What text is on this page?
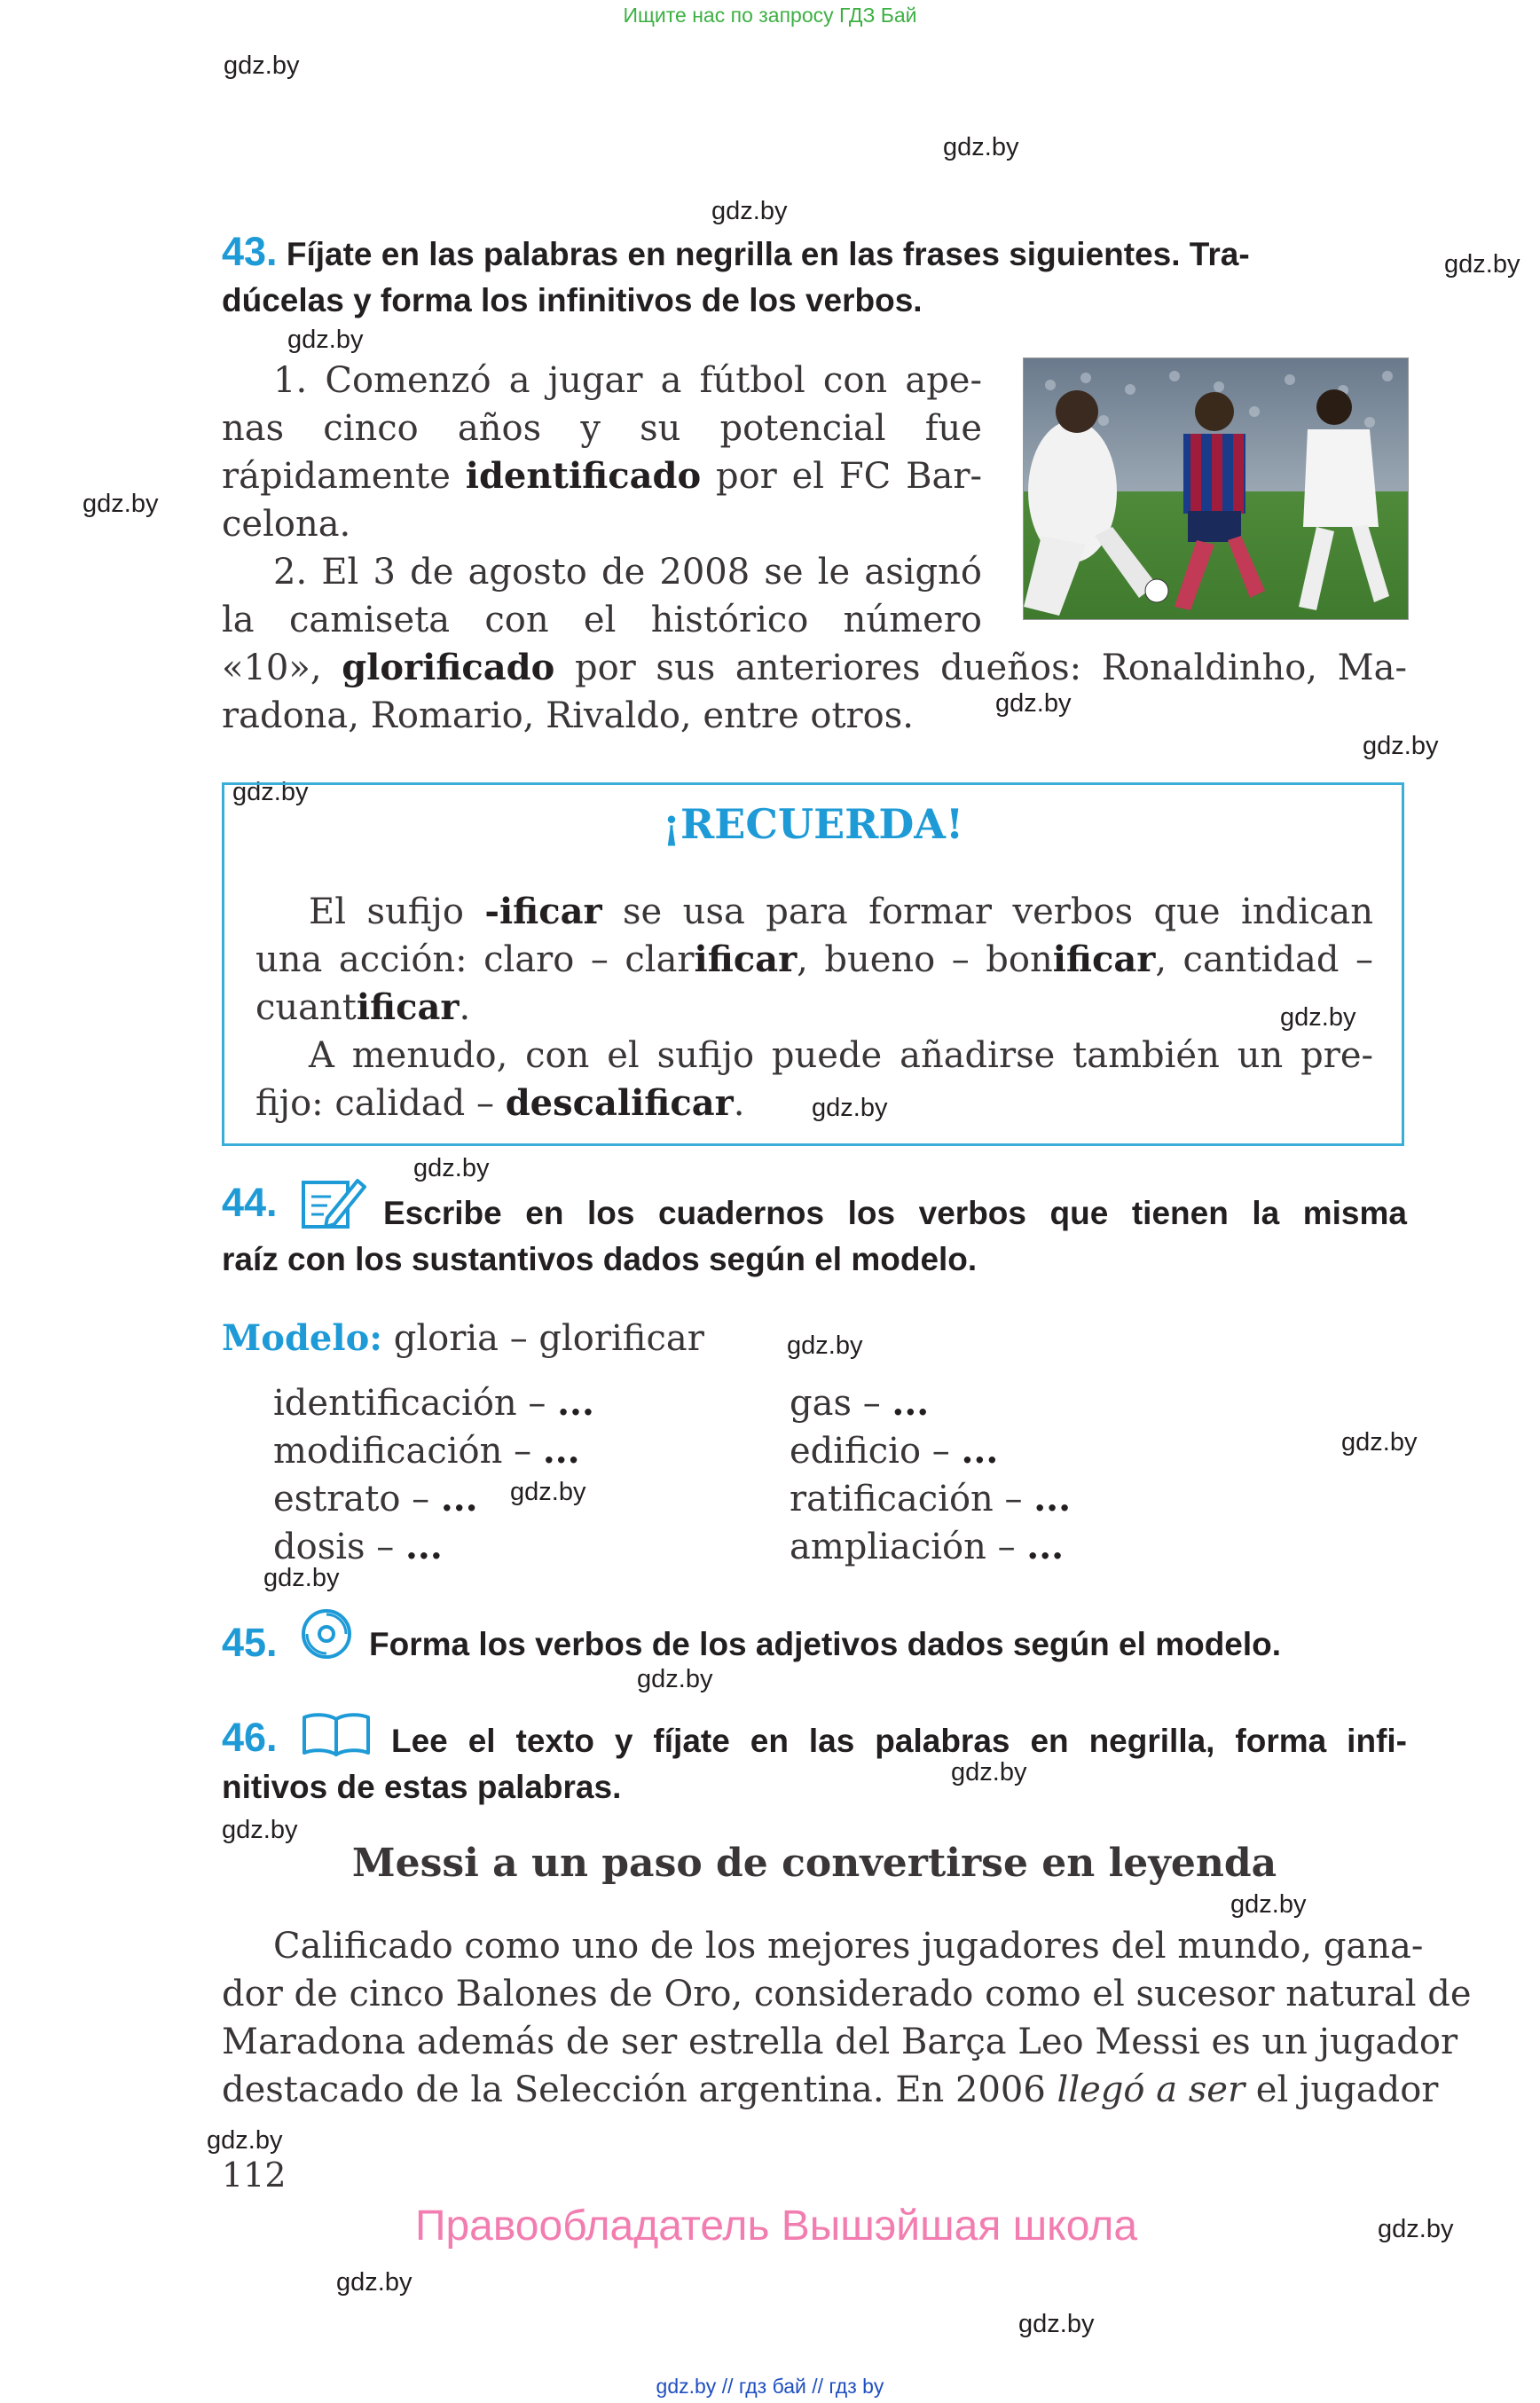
Ищите нас по запросу ГДЗ Бай
gdz.by
gdz.by
gdz.by
gdz.by
gdz.by
gdz.by
gdz.by
gdz.by
gdz.by
gdz.by
gdz.by
gdz.by
gdz.by
gdz.by
gdz.by
gdz.by
gdz.by
gdz.by
gdz.by
gdz.by
gdz.by
gdz.by
gdz.by
gdz.by
43. Fíjate en las palabras en negrilla en las frases siguientes. Tra-
dúcelas y forma los infinitivos de los verbos.
1. Comenzó a jugar a fútbol con ape-
nas cinco años y su potencial fue
rápidamente identificado por el FC Bar-
celona.
2. El 3 de agosto de 2008 se le asignó
la camiseta con el histórico número
«10», glorificado por sus anteriores dueños: Ronaldinho, Ma-
radona, Romario, Rivaldo, entre otros.
¡RECUERDA!
El sufijo -ificar se usa para formar verbos que indican
una acción: claro – clarificar, bueno – bonificar, cantidad –
cuantificar.
A menudo, con el sufijo puede añadirse también un pre-
fijo: calidad – descalificar.
44.	Escribe en los cuadernos los verbos que tienen la misma
raíz con los sustantivos dados según el modelo.
Modelo: gloria – glorificar
identificación – ...
modificación – ...
estrato – ...
dosis – ...
gas – ...
edificio – ...
ratificación – ...
ampliación – ...
45.	Forma los verbos de los adjetivos dados según el modelo.
46.	Lee el texto y fíjate en las palabras en negrilla, forma infi-
nitivos de estas palabras.
Messi a un paso de convertirse en leyenda
Calificado como uno de los mejores jugadores del mundo, gana-
dor de cinco Balones de Oro, considerado como el sucesor natural de
Maradona además de ser estrella del Barça Leo Messi es un jugador
destacado de la Selección argentina. En 2006 llegó a ser el jugador
112
Правообладатель Вышэйшая школа
gdz.by // гдз бай // гдз by
